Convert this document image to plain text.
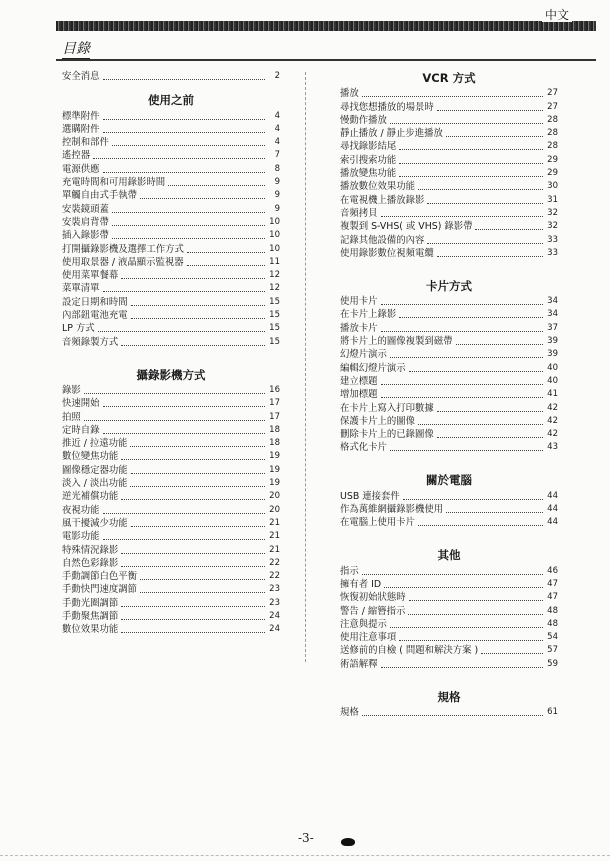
中文
目錄
安全消息	2
使用之前
標準附件	4
選購附件	4
控制和部件	4
遙控器	7
電源供應	8
充電時間和可用錄影時間	9
單觸自由式手執帶	9
安裝鏡頭蓋	9
安裝肩背帶	10
插入錄影帶	10
打開攝錄影機及選擇工作方式	10
使用取景器 / 液晶顯示監視器	11
使用菜單餐幕	12
菜單清單	12
設定日期和時間	15
內部鈕電池充電	15
LP 方式	15
音頻錄製方式	15
攝錄影機方式
錄影	16
快速開始	17
拍照	17
定時自錄	18
推近 / 拉遠功能	18
數位變焦功能	19
圖像穩定器功能	19
淡入 / 淡出功能	19
逆光補償功能	20
夜視功能	20
風干擾減少功能	21
電影功能	21
特殊情況錄影	21
自然色彩錄影	22
手動調節白色平衡	22
手動快門速度調節	23
手動光圈調節	23
手動聚焦調節	24
數位效果功能	24
VCR 方式
播放	27
尋找您想播放的場景時	27
慢動作播放	28
靜止播放 / 靜止步進播放	28
尋找錄影結尾	28
索引搜索功能	29
播放變焦功能	29
播放數位效果功能	30
在電視機上播放錄影	31
音頻拷貝	32
複製到 S-VHS( 或 VHS) 錄影帶	32
記錄其他設備的內容	33
使用錄影數位視頻電纜	33
卡片方式
使用卡片	34
在卡片上錄影	34
播放卡片	37
將卡片上的圖像複製到磁帶	39
幻燈片演示	39
編輯幻燈片演示	40
建立標題	40
增加標題	41
在卡片上寫入打印數據	42
保護卡片上的圖像	42
刪除卡片上的已錄圖像	42
格式化卡片	43
關於電腦
USB 連接套件	44
作為萬維網攝錄影機使用	44
在電腦上使用卡片	44
其他
指示	46
擁有者 ID	47
恢復初始狀態時	47
警告 / 縮簪指示	48
注意與提示	48
使用注意事項	54
送修前的自檢 ( 問題和解決方案 )	57
術語解釋	59
規格
規格	61
-3-
